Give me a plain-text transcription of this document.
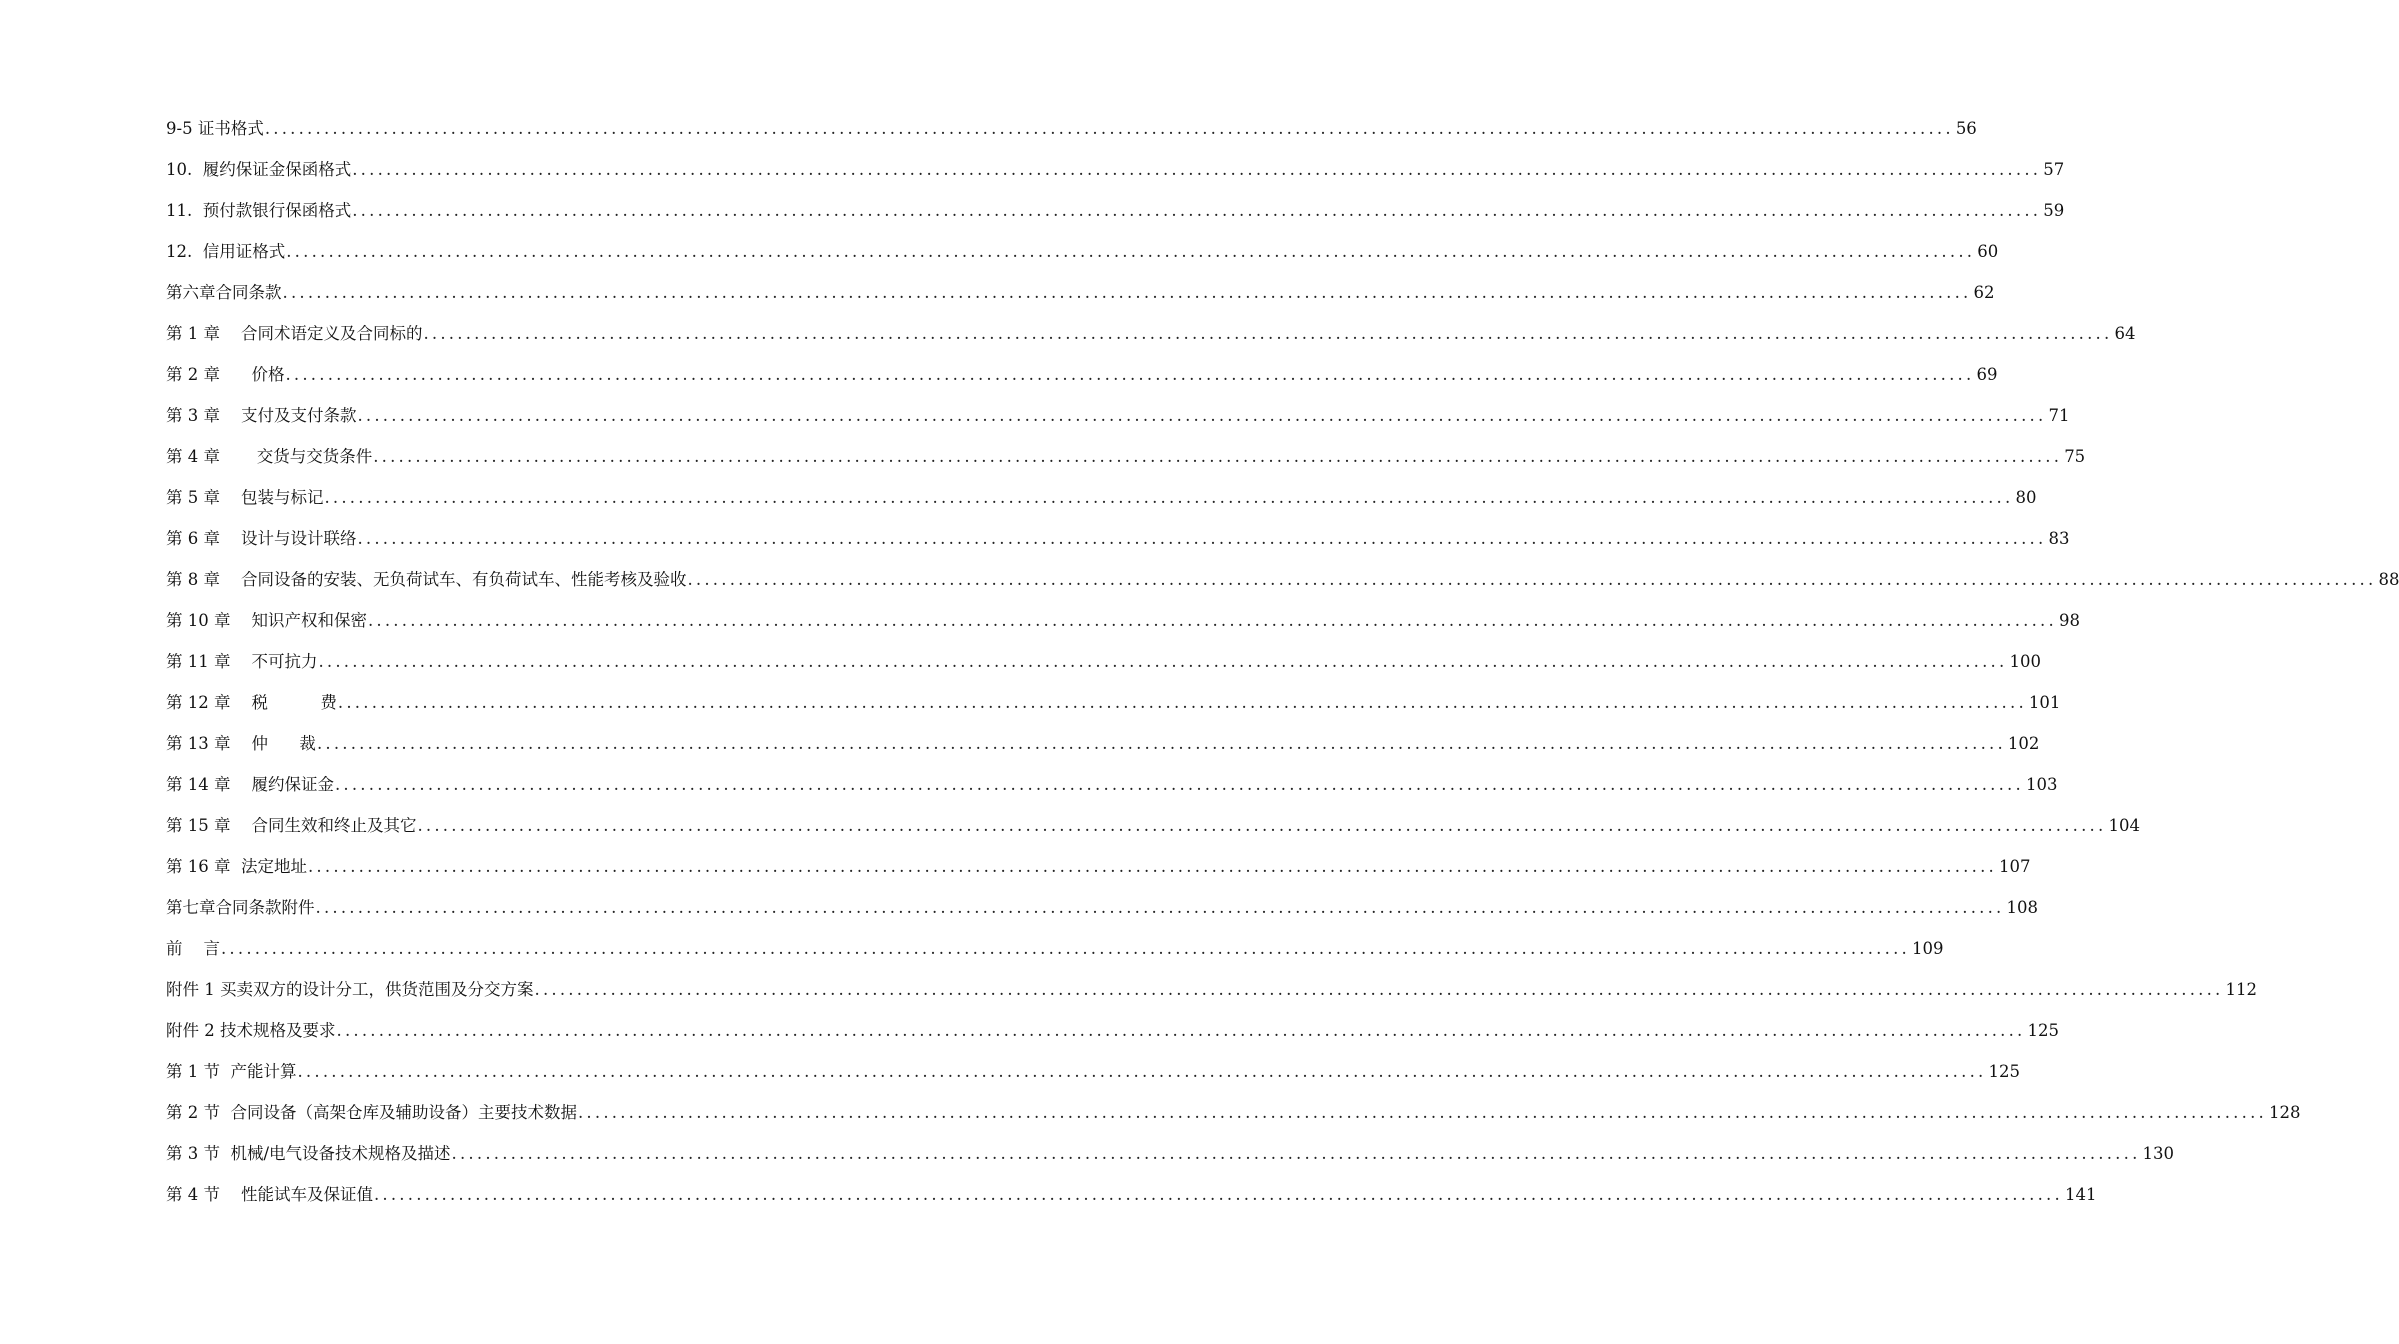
9-5 证书格式 ........................................................................................................................................................................................................ 56
10.  履约保证金保函格式 ........................................................................................................................................................................................................ 57
11.  预付款银行保函格式 ........................................................................................................................................................................................................ 59
12.  信用证格式 ........................................................................................................................................................................................................ 60
第六章合同条款 ........................................................................................................................................................................................................ 62
第 1 章    合同术语定义及合同标的 ........................................................................................................................................................................................................ 64
第 2 章      价格 ........................................................................................................................................................................................................ 69
第 3 章    支付及支付条款 ........................................................................................................................................................................................................ 71
第 4 章       交货与交货条件 ........................................................................................................................................................................................................ 75
第 5 章    包装与标记 ........................................................................................................................................................................................................ 80
第 6 章    设计与设计联络 ........................................................................................................................................................................................................ 83
第 8 章    合同设备的安装、无负荷试车、有负荷试车、性能考核及验收 ........................................................................................................................................................................................................ 88
第 10 章    知识产权和保密 ........................................................................................................................................................................................................ 98
第 11 章    不可抗力 ........................................................................................................................................................................................................ 100
第 12 章    税          费 ........................................................................................................................................................................................................ 101
第 13 章    仲      裁 ........................................................................................................................................................................................................ 102
第 14 章    履约保证金 ........................................................................................................................................................................................................ 103
第 15 章    合同生效和终止及其它 ........................................................................................................................................................................................................ 104
第 16 章  法定地址 ........................................................................................................................................................................................................ 107
第七章合同条款附件 ........................................................................................................................................................................................................ 108
前    言 ........................................................................................................................................................................................................ 109
附件 1 买卖双方的设计分工，供货范围及分交方案 ........................................................................................................................................................................................................ 112
附件 2 技术规格及要求 ........................................................................................................................................................................................................ 125
第 1 节  产能计算 ........................................................................................................................................................................................................ 125
第 2 节  合同设备（高架仓库及辅助设备）主要技术数据 ........................................................................................................................................................................................................ 128
第 3 节  机械/电气设备技术规格及描述 ........................................................................................................................................................................................................ 130
第 4 节    性能试车及保证值 ........................................................................................................................................................................................................ 141
